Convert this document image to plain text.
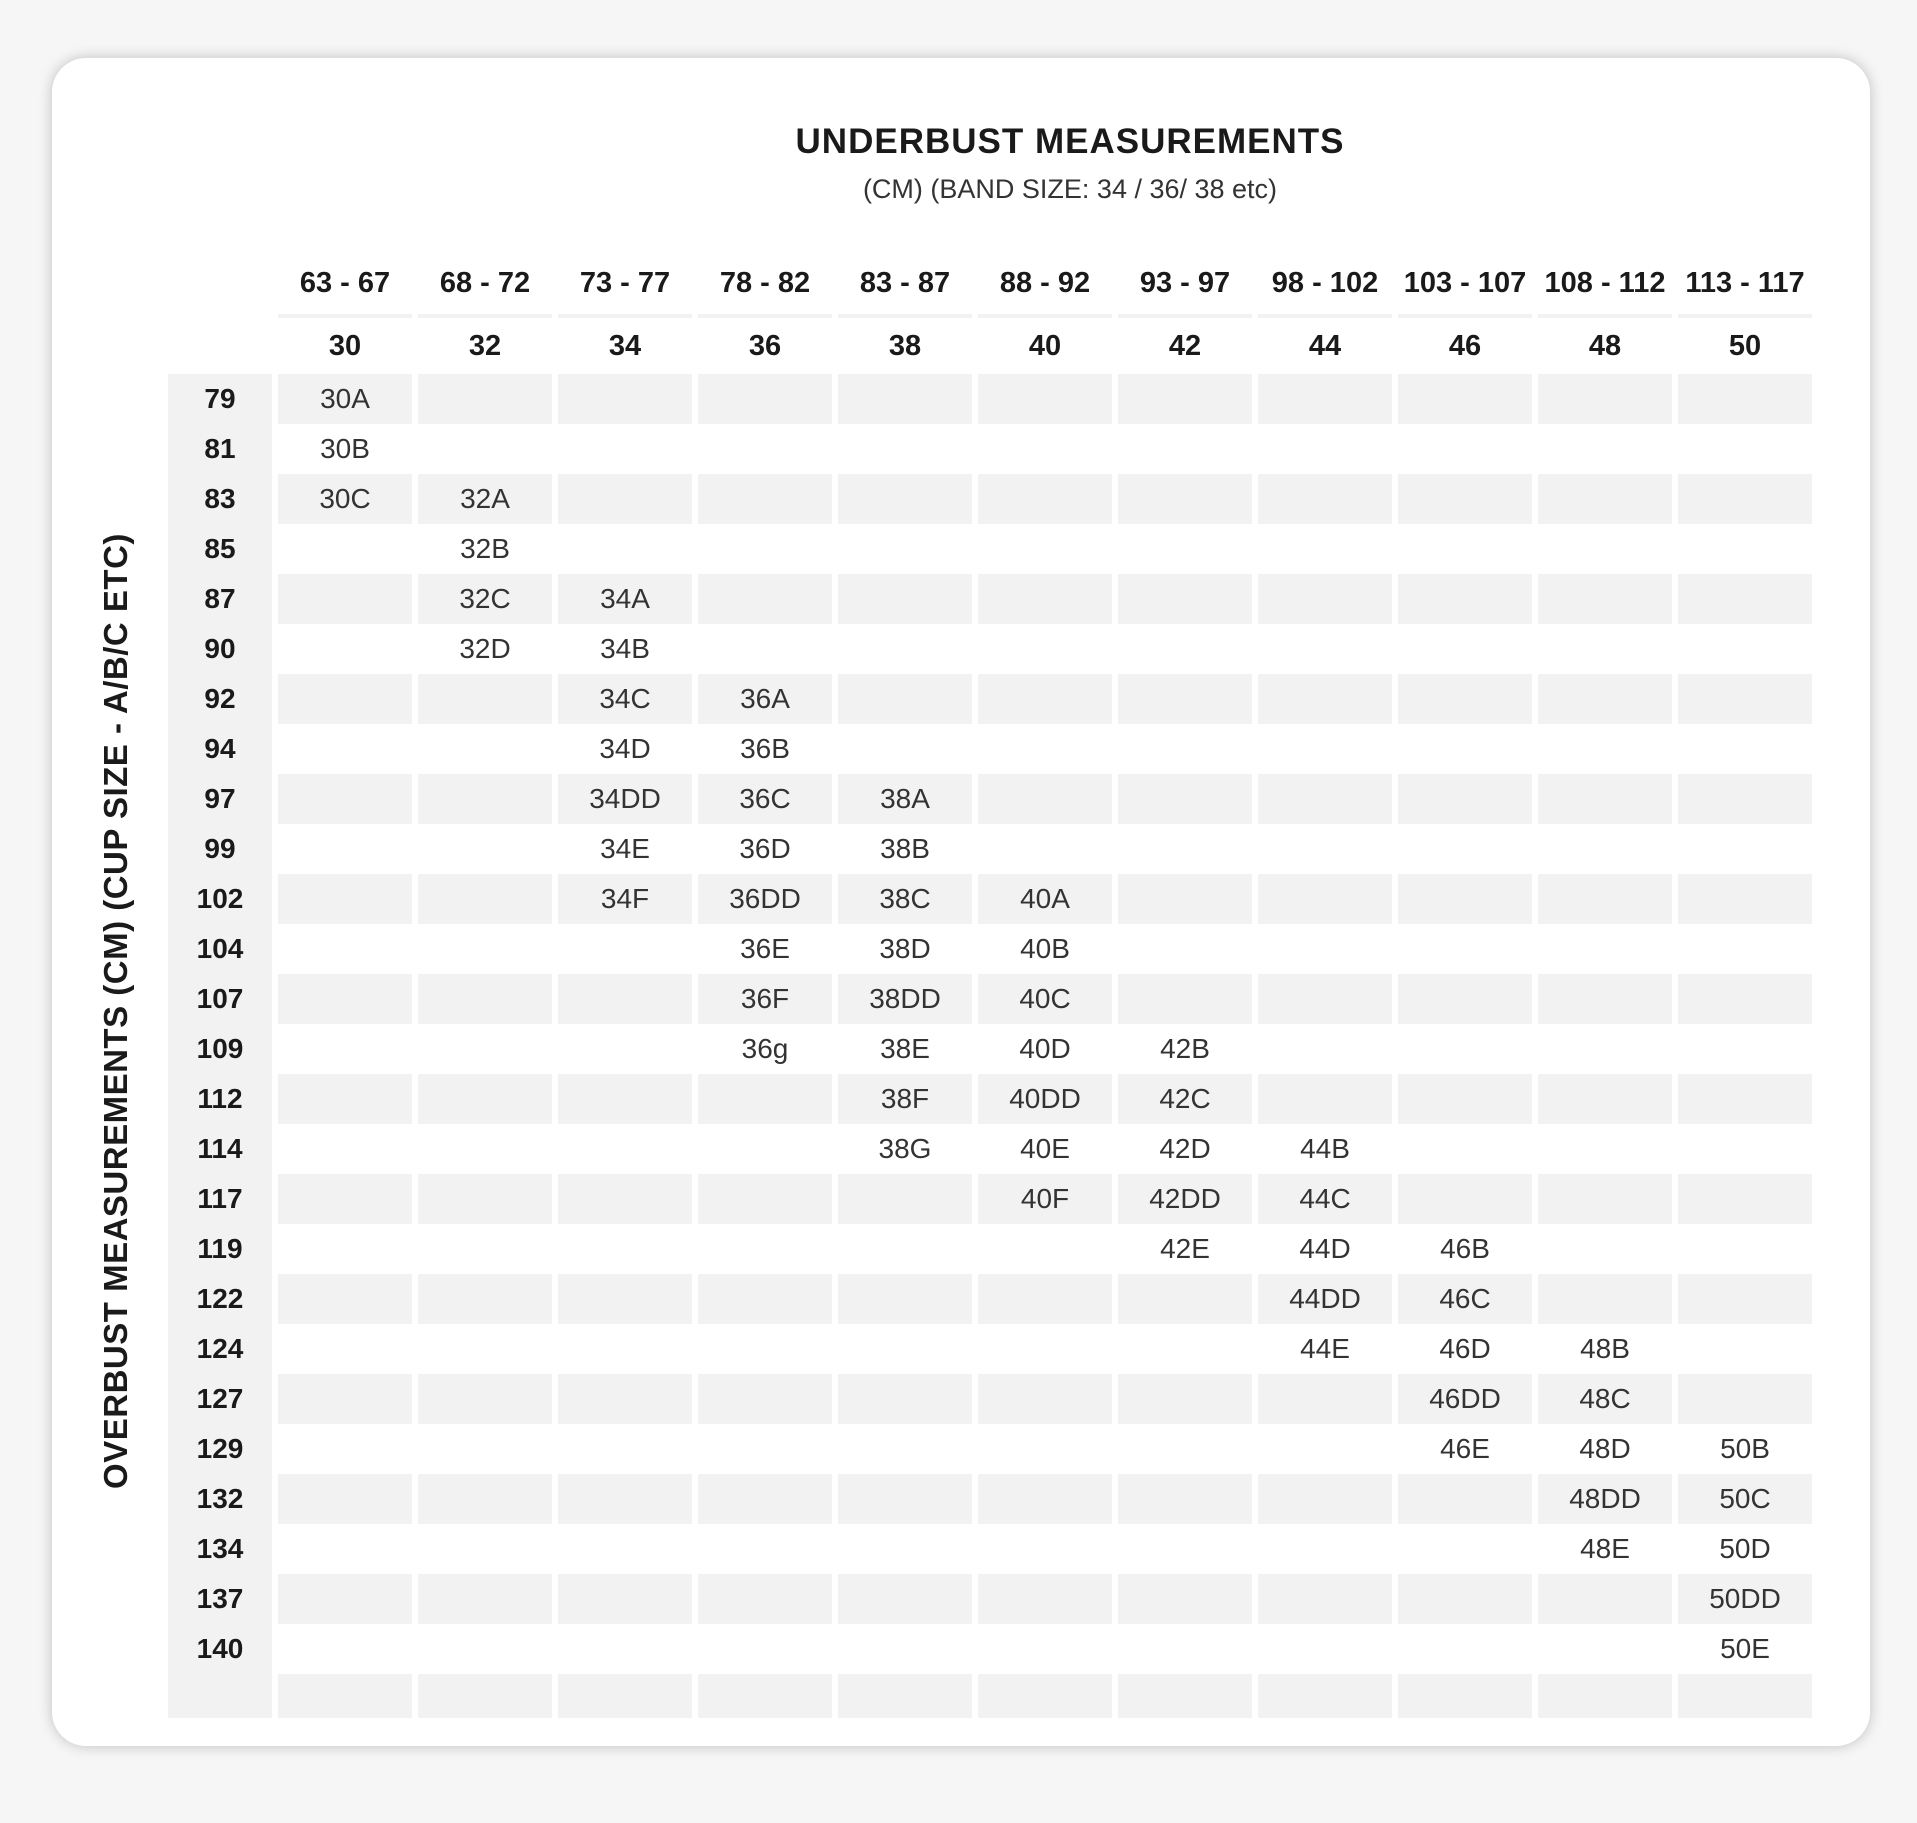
UNDERBUST MEASUREMENTS
(CM) (BAND SIZE: 34 / 36/ 38 etc)
OVERBUST MEASUREMENTS (CM) (CUP SIZE - A/B/C ETC)
	63 - 67	68 - 72	73 - 77	78 - 82	83 - 87	88 - 92	93 - 97	98 - 102	103 - 107	108 - 112	113 - 117
	30	32	34	36	38	40	42	44	46	48	50
79	30A										
81	30B										
83	30C	32A									
85		32B									
87		32C	34A								
90		32D	34B								
92			34C	36A							
94			34D	36B							
97			34DD	36C	38A						
99			34E	36D	38B						
102			34F	36DD	38C	40A					
104				36E	38D	40B					
107				36F	38DD	40C					
109				36g	38E	40D	42B				
112					38F	40DD	42C				
114					38G	40E	42D	44B			
117						40F	42DD	44C			
119							42E	44D	46B		
122								44DD	46C		
124								44E	46D	48B	
127									46DD	48C	
129									46E	48D	50B
132										48DD	50C
134										48E	50D
137											50DD
140											50E
